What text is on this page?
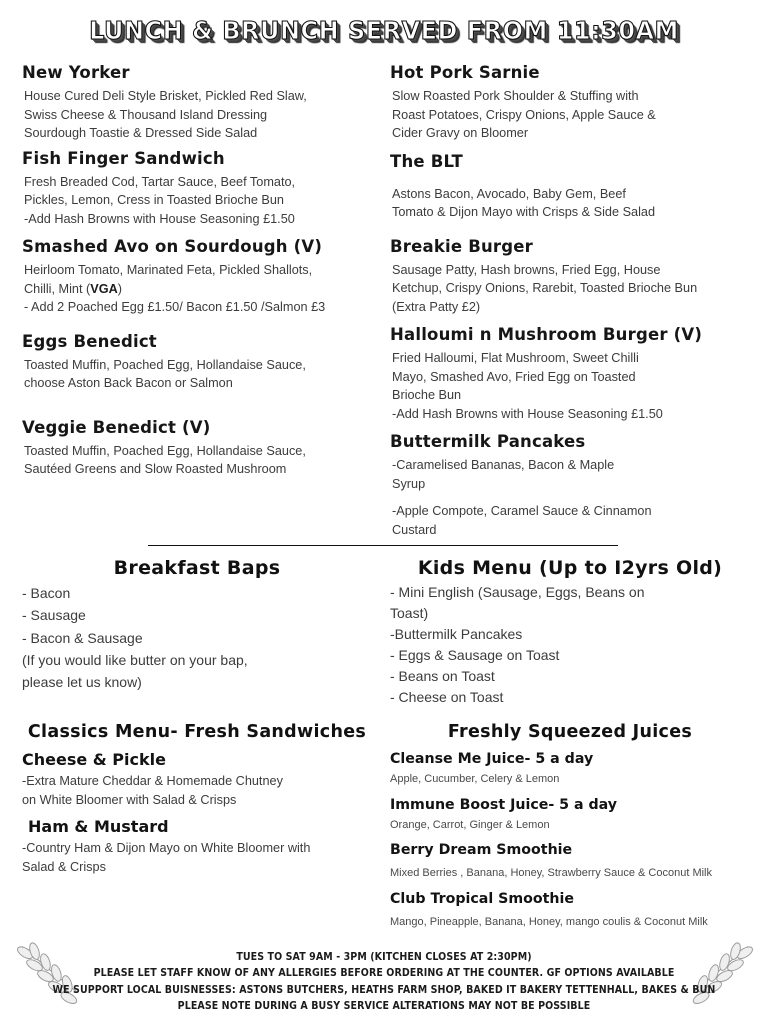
LUNCH & BRUNCH SERVED FROM 11:30AM
New Yorker
House Cured Deli Style Brisket, Pickled Red Slaw,
Swiss Cheese & Thousand Island Dressing
Sourdough Toastie & Dressed Side Salad
Fish Finger Sandwich
Fresh Breaded Cod, Tartar Sauce, Beef Tomato,
Pickles, Lemon, Cress in Toasted Brioche Bun
-Add Hash Browns with House Seasoning £1.50
Smashed Avo on Sourdough (V)
Heirloom Tomato, Marinated Feta, Pickled Shallots,
Chilli, Mint (VGA)
- Add 2 Poached Egg £1.50/ Bacon £1.50 /Salmon £3
Eggs Benedict
Toasted Muffin, Poached Egg, Hollandaise Sauce,
choose Aston Back Bacon or Salmon
Veggie Benedict (V)
Toasted Muffin, Poached Egg, Hollandaise Sauce,
Sautéed Greens and Slow Roasted Mushroom
Hot Pork Sarnie
Slow Roasted Pork Shoulder & Stuffing with
Roast Potatoes, Crispy Onions, Apple Sauce &
Cider Gravy on Bloomer
The BLT
Astons Bacon, Avocado, Baby Gem, Beef
Tomato & Dijon Mayo with Crisps & Side Salad
Breakie Burger
Sausage Patty, Hash browns, Fried Egg, House
Ketchup, Crispy Onions, Rarebit, Toasted Brioche Bun
(Extra Patty £2)
Halloumi n Mushroom Burger (V)
Fried Halloumi, Flat Mushroom, Sweet Chilli
Mayo, Smashed Avo, Fried Egg on Toasted
Brioche Bun
-Add Hash Browns with House Seasoning £1.50
Buttermilk Pancakes
-Caramelised Bananas, Bacon & Maple
Syrup
-Apple Compote, Caramel Sauce & Cinnamon
Custard
Breakfast Baps
- Bacon
- Sausage
- Bacon & Sausage
(If you would like butter on your bap,
please let us know)
Kids Menu (Up to I2yrs Old)
- Mini English (Sausage, Eggs, Beans on
Toast)
-Buttermilk Pancakes
- Eggs & Sausage on Toast
- Beans on Toast
- Cheese on Toast
Classics Menu- Fresh Sandwiches
Cheese & Pickle
-Extra Mature Cheddar & Homemade Chutney
on White Bloomer with Salad & Crisps
Ham & Mustard
-Country Ham & Dijon Mayo on White Bloomer with
Salad & Crisps
Freshly Squeezed Juices
Cleanse Me Juice- 5 a day
Apple, Cucumber, Celery & Lemon
Immune Boost Juice- 5 a day
Orange, Carrot, Ginger & Lemon
Berry Dream Smoothie
Mixed Berries , Banana, Honey, Strawberry Sauce & Coconut Milk
Club Tropical Smoothie
Mango, Pineapple, Banana, Honey, mango coulis & Coconut Milk
TUES TO SAT 9AM - 3PM (KITCHEN CLOSES AT 2:30PM)
PLEASE LET STAFF KNOW OF ANY ALLERGIES BEFORE ORDERING AT THE COUNTER. GF OPTIONS AVAILABLE
WE SUPPORT LOCAL BUISNESSES: ASTONS BUTCHERS, HEATHS FARM SHOP, BAKED IT BAKERY TETTENHALL, BAKES & BUN
PLEASE NOTE DURING A BUSY SERVICE ALTERATIONS MAY NOT BE POSSIBLE
